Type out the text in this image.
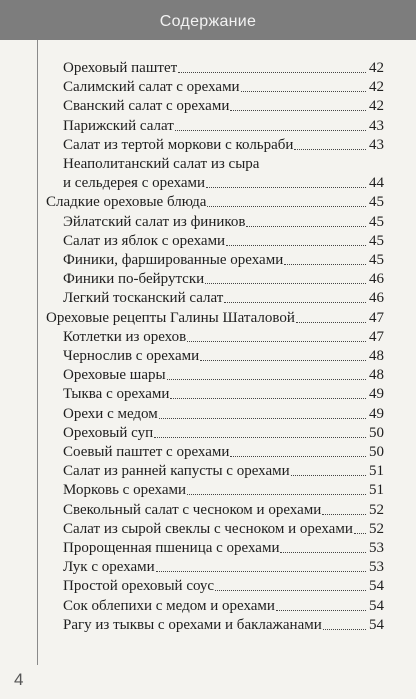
Содержание
Ореховый паштет	42
Салимский салат с орехами	42
Сванский салат с орехами	42
Парижский салат	43
Салат из тертой моркови с кольраби	43
Неаполитанский салат из сыра
и сельдерея с орехами	44
Сладкие ореховые блюда	45
Эйлатский салат из фиников	45
Салат из яблок с орехами	45
Финики, фаршированные орехами	45
Финики по-бейрутски	46
Легкий тосканский салат	46
Ореховые рецепты Галины Шаталовой	47
Котлетки из орехов	47
Чернослив с орехами	48
Ореховые шары	48
Тыква с орехами	49
Орехи с медом	49
Ореховый суп	50
Соевый паштет с орехами	50
Салат из ранней капусты с орехами	51
Морковь с орехами	51
Свекольный салат с чесноком и орехами	52
Салат из сырой свеклы с чесноком и орехами 52
Пророщенная пшеница с орехами	53
Лук с орехами	53
Простой ореховый соус	54
Сок облепихи с медом и орехами	54
Рагу из тыквы с орехами и баклажанами	54
4
